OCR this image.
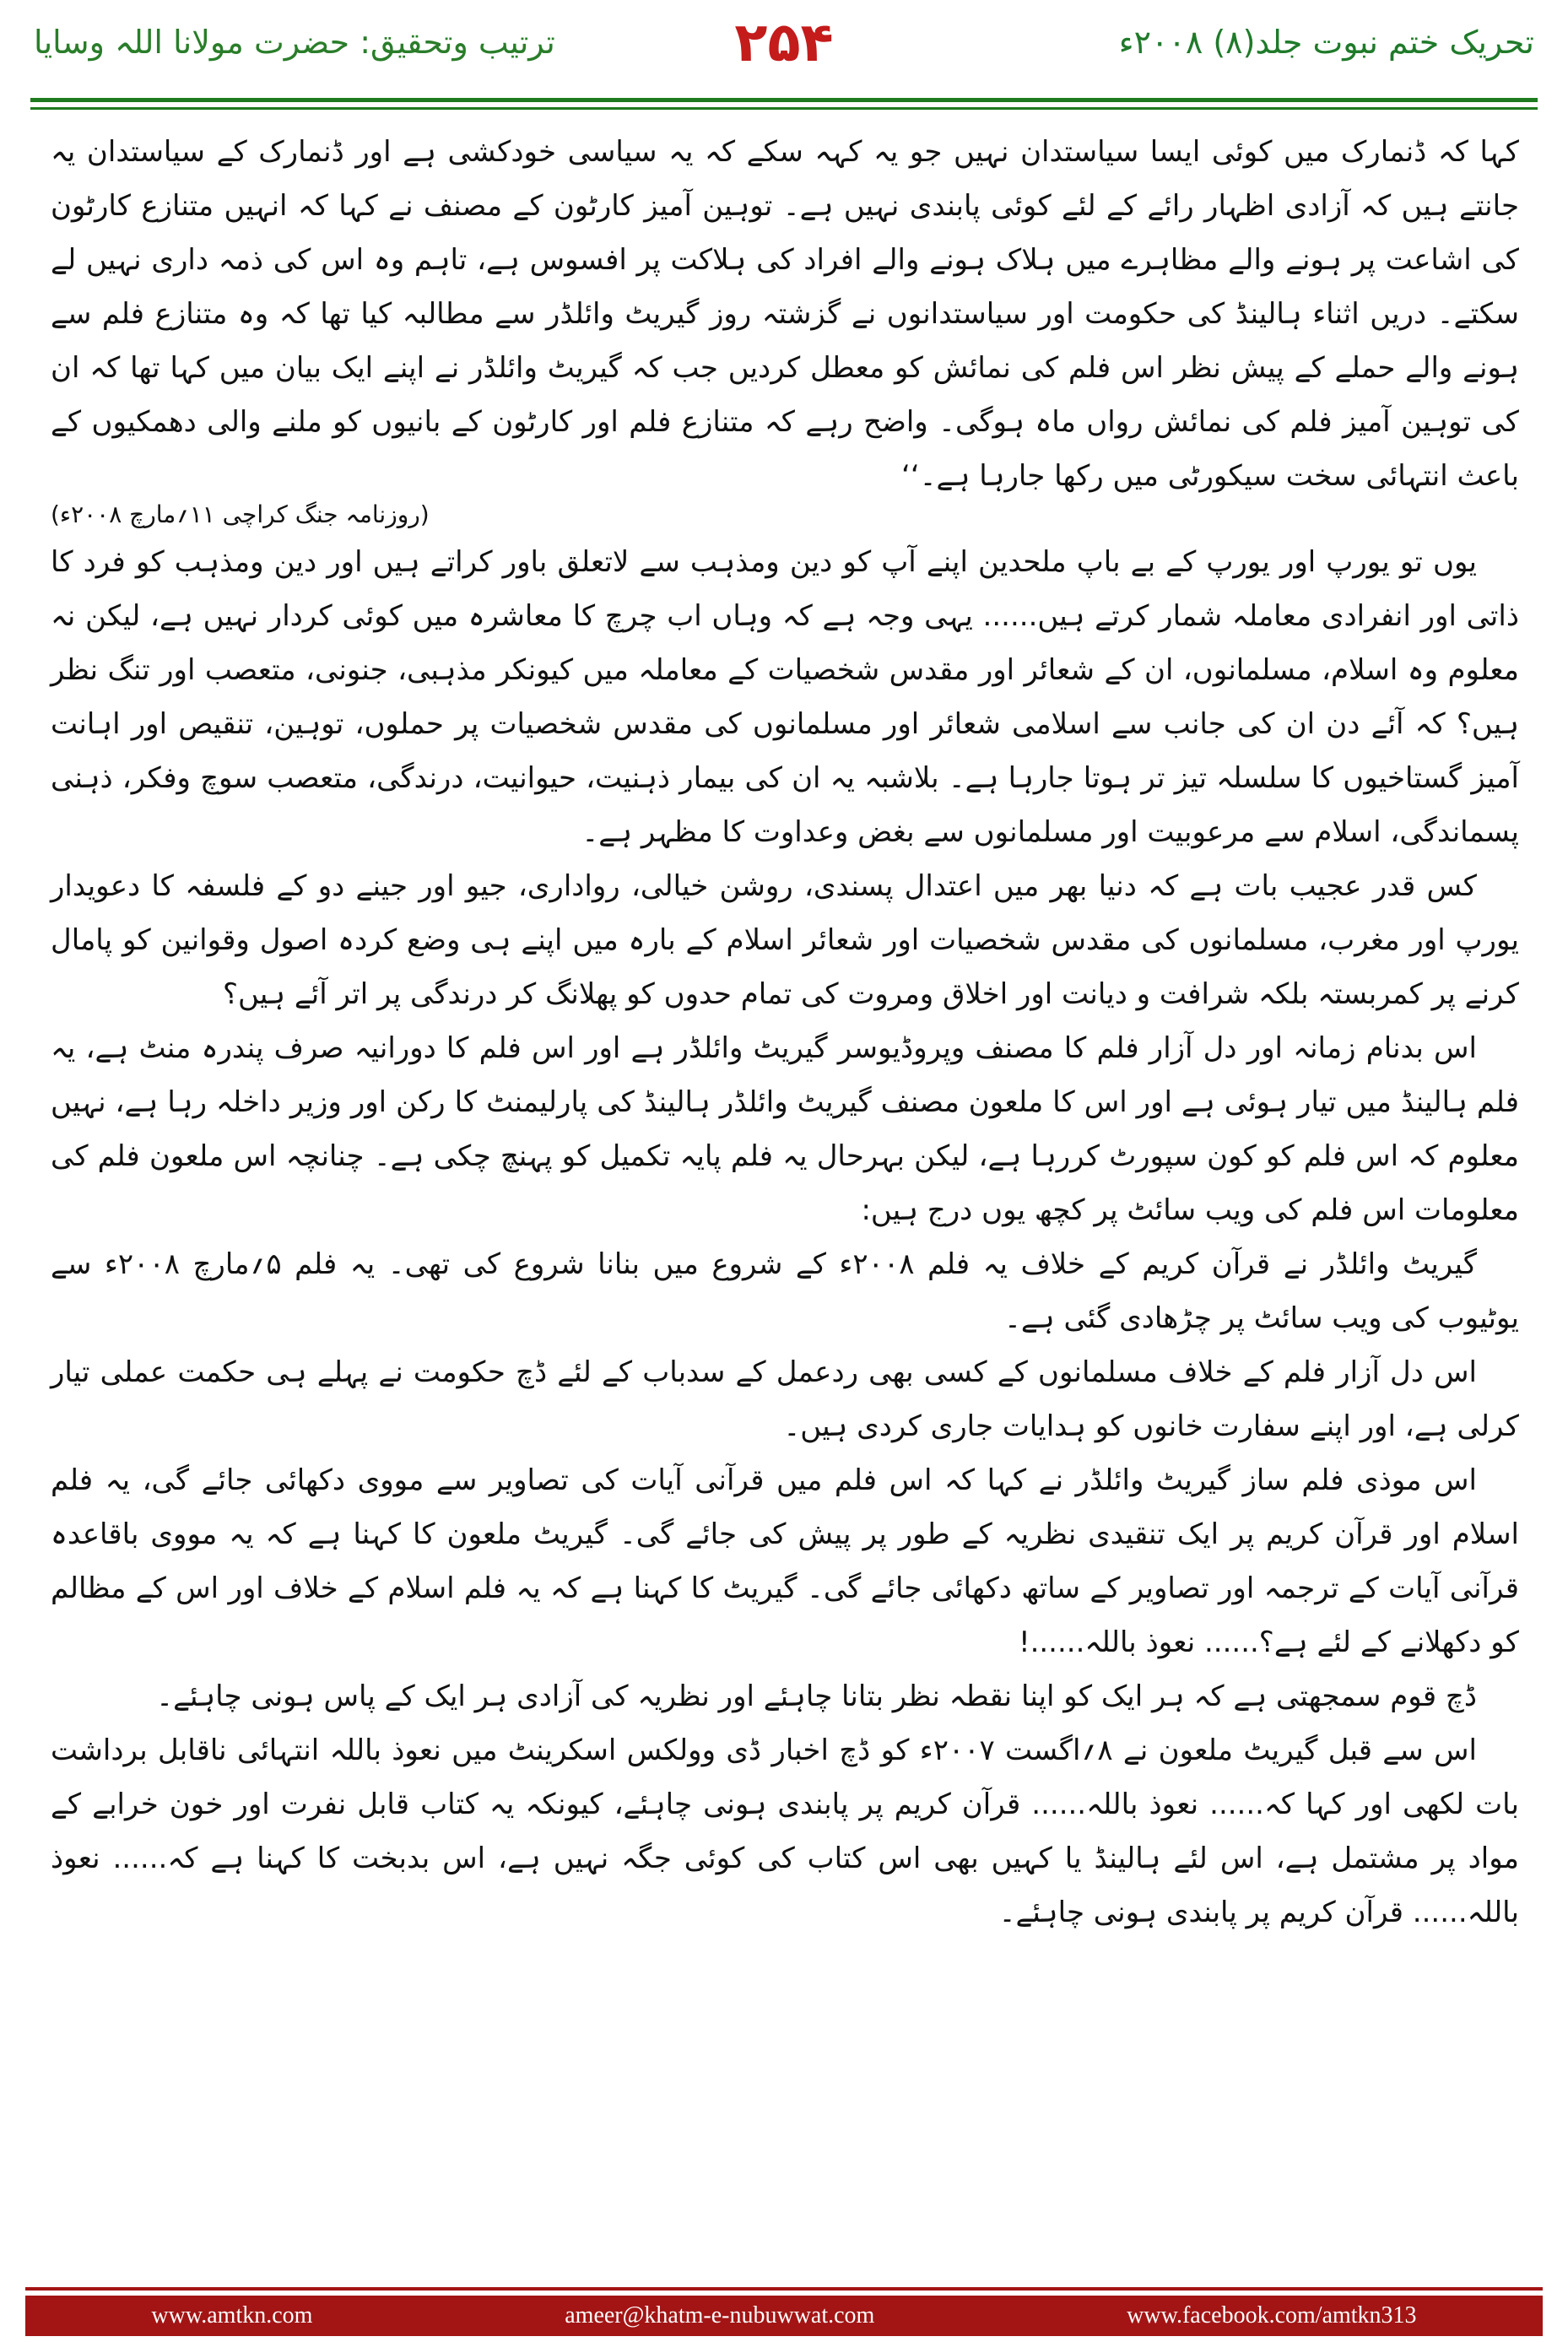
ترتیب وتحقیق: حضرت مولانا اللہ وسایا	۲۵۴	تحریک ختم نبوت جلد(۸) ۲۰۰۸ء

کہا کہ ڈنمارک میں کوئی ایسا سیاستدان نہیں جو یہ کہہ سکے کہ یہ سیاسی خودکشی ہے اور ڈنمارک کے سیاستدان یہ جانتے ہیں کہ آزادی اظہار رائے کے لئے کوئی پابندی نہیں ہے۔ توہین آمیز کارٹون کے مصنف نے کہا کہ انہیں متنازع کارٹون کی اشاعت پر ہونے والے مظاہرے میں ہلاک ہونے والے افراد کی ہلاکت پر افسوس ہے، تاہم وہ اس کی ذمہ داری نہیں لے سکتے۔ دریں اثناء ہالینڈ کی حکومت اور سیاستدانوں نے گزشتہ روز گیریٹ وائلڈر سے مطالبہ کیا تھا کہ وہ متنازع فلم سے ہونے والے حملے کے پیش نظر اس فلم کی نمائش کو معطل کردیں جب کہ گیریٹ وائلڈر نے اپنے ایک بیان میں کہا تھا کہ ان کی توہین آمیز فلم کی نمائش رواں ماہ ہوگی۔ واضح رہے کہ متنازع فلم اور کارٹون کے بانیوں کو ملنے والی دھمکیوں کے باعث انتہائی سخت سیکورٹی میں رکھا جارہا ہے۔‘‘

(روزنامہ جنگ کراچی ۱۱؍مارچ ۲۰۰۸ء)

یوں تو یورپ اور یورپ کے بے باپ ملحدین اپنے آپ کو دین ومذہب سے لاتعلق باور کراتے ہیں اور دین ومذہب کو فرد کا ذاتی اور انفرادی معاملہ شمار کرتے ہیں...... یہی وجہ ہے کہ وہاں اب چرچ کا معاشرہ میں کوئی کردار نہیں ہے، لیکن نہ معلوم وہ اسلام، مسلمانوں، ان کے شعائر اور مقدس شخصیات کے معاملہ میں کیونکر مذہبی، جنونی، متعصب اور تنگ نظر ہیں؟ کہ آئے دن ان کی جانب سے اسلامی شعائر اور مسلمانوں کی مقدس شخصیات پر حملوں، توہین، تنقیص اور اہانت آمیز گستاخیوں کا سلسلہ تیز تر ہوتا جارہا ہے۔ بلاشبہ یہ ان کی بیمار ذہنیت، حیوانیت، درندگی، متعصب سوچ وفکر، ذہنی پسماندگی، اسلام سے مرعوبیت اور مسلمانوں سے بغض وعداوت کا مظہر ہے۔

کس قدر عجیب بات ہے کہ دنیا بھر میں اعتدال پسندی، روشن خیالی، رواداری، جیو اور جینے دو کے فلسفہ کا دعویدار یورپ اور مغرب، مسلمانوں کی مقدس شخصیات اور شعائر اسلام کے بارہ میں اپنے ہی وضع کردہ اصول وقوانین کو پامال کرنے پر کمربستہ بلکہ شرافت و دیانت اور اخلاق ومروت کی تمام حدوں کو پھلانگ کر درندگی پر اتر آئے ہیں؟

اس بدنام زمانہ اور دل آزار فلم کا مصنف وپروڈیوسر گیریٹ وائلڈر ہے اور اس فلم کا دورانیہ صرف پندرہ منٹ ہے، یہ فلم ہالینڈ میں تیار ہوئی ہے اور اس کا ملعون مصنف گیریٹ وائلڈر ہالینڈ کی پارلیمنٹ کا رکن اور وزیر داخلہ رہا ہے، نہیں معلوم کہ اس فلم کو کون سپورٹ کررہا ہے، لیکن بہرحال یہ فلم پایہ تکمیل کو پہنچ چکی ہے۔ چنانچہ اس ملعون فلم کی معلومات اس فلم کی ویب سائٹ پر کچھ یوں درج ہیں:

گیریٹ وائلڈر نے قرآن کریم کے خلاف یہ فلم ۲۰۰۸ء کے شروع میں بنانا شروع کی تھی۔ یہ فلم ۵؍مارچ ۲۰۰۸ء سے یوٹیوب کی ویب سائٹ پر چڑھادی گئی ہے۔

اس دل آزار فلم کے خلاف مسلمانوں کے کسی بھی ردعمل کے سدباب کے لئے ڈچ حکومت نے پہلے ہی حکمت عملی تیار کرلی ہے، اور اپنے سفارت خانوں کو ہدایات جاری کردی ہیں۔

اس موذی فلم ساز گیریٹ وائلڈر نے کہا کہ اس فلم میں قرآنی آیات کی تصاویر سے مووی دکھائی جائے گی، یہ فلم اسلام اور قرآن کریم پر ایک تنقیدی نظریہ کے طور پر پیش کی جائے گی۔ گیریٹ ملعون کا کہنا ہے کہ یہ مووی باقاعدہ قرآنی آیات کے ترجمہ اور تصاویر کے ساتھ دکھائی جائے گی۔ گیریٹ کا کہنا ہے کہ یہ فلم اسلام کے خلاف اور اس کے مظالم کو دکھلانے کے لئے ہے؟...... نعوذ باللہ......!

ڈچ قوم سمجھتی ہے کہ ہر ایک کو اپنا نقطہ نظر بتانا چاہئے اور نظریہ کی آزادی ہر ایک کے پاس ہونی چاہئے۔

اس سے قبل گیریٹ ملعون نے ۸؍اگست ۲۰۰۷ء کو ڈچ اخبار ڈی وولکس اسکرینٹ میں نعوذ باللہ انتہائی ناقابل برداشت بات لکھی اور کہا کہ...... نعوذ باللہ...... قرآن کریم پر پابندی ہونی چاہئے، کیونکہ یہ کتاب قابل نفرت اور خون خرابے کے مواد پر مشتمل ہے، اس لئے ہالینڈ یا کہیں بھی اس کتاب کی کوئی جگہ نہیں ہے، اس بدبخت کا کہنا ہے کہ...... نعوذ باللہ...... قرآن کریم پر پابندی ہونی چاہئے۔

www.amtkn.com	ameer@khatm-e-nubuwwat.com	www.facebook.com/amtkn313
